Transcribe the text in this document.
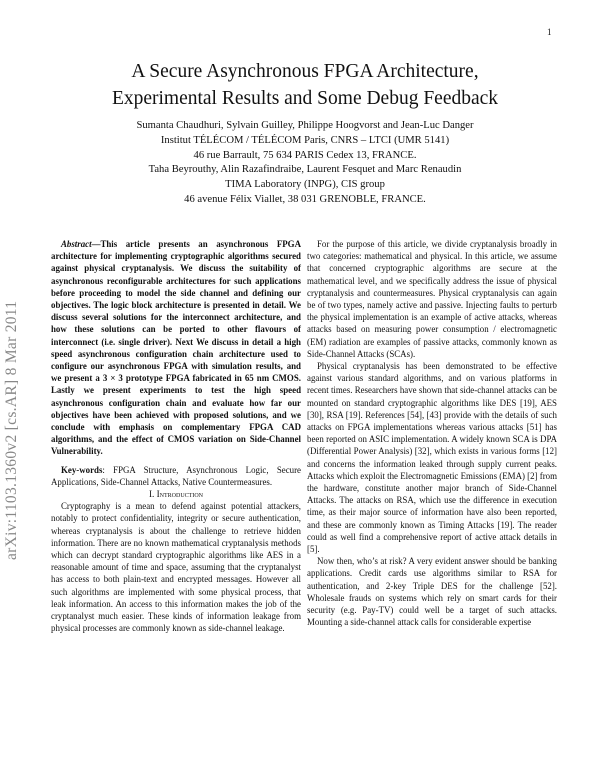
1
arXiv:1103.1360v2 [cs.AR] 8 Mar 2011
A Secure Asynchronous FPGA Architecture,
Experimental Results and Some Debug Feedback
Sumanta Chaudhuri, Sylvain Guilley, Philippe Hoogvorst and Jean-Luc Danger
Institut TÉLÉCOM / TÉLÉCOM Paris, CNRS – LTCI (UMR 5141)
46 rue Barrault, 75 634 PARIS Cedex 13, FRANCE.
Taha Beyrouthy, Alin Razafindraibe, Laurent Fesquet and Marc Renaudin
TIMA Laboratory (INPG), CIS group
46 avenue Félix Viallet, 38 031 GRENOBLE, FRANCE.

Abstract—This article presents an asynchronous FPGA architecture for implementing cryptographic algorithms secured against physical cryptanalysis. We discuss the suitability of asynchronous reconfigurable architectures for such applications before proceeding to model the side channel and defining our objectives. The logic block architecture is presented in detail. We discuss several solutions for the interconnect architecture, and how these solutions can be ported to other flavours of interconnect (i.e. single driver). Next We discuss in detail a high speed asynchronous configuration chain architecture used to configure our asynchronous FPGA with simulation results, and we present a 3 × 3 prototype FPGA fabricated in 65 nm CMOS. Lastly we present experiments to test the high speed asynchronous configuration chain and evaluate how far our objectives have been achieved with proposed solutions, and we conclude with emphasis on complementary FPGA CAD algorithms, and the effect of CMOS variation on Side-Channel Vulnerability.

Key-words: FPGA Structure, Asynchronous Logic, Secure Applications, Side-Channel Attacks, Native Countermeasures.

I. Introduction

Cryptography is a mean to defend against potential attackers, notably to protect confidentiality, integrity or secure authentication, whereas cryptanalysis is about the challenge to retrieve hidden information. There are no known mathematical cryptanalysis methods which can decrypt standard cryptographic algorithms like AES in a reasonable amount of time and space, assuming that the cryptanalyst has access to both plain-text and encrypted messages. However all such algorithms are implemented with some physical process, that leak information. An access to this information makes the job of the cryptanalyst much easier. These kinds of information leakage from physical processes are commonly known as side-channel leakage.

For the purpose of this article, we divide cryptanalysis broadly in two categories: mathematical and physical. In this article, we assume that concerned cryptographic algorithms are secure at the mathematical level, and we specifically address the issue of physical cryptanalysis and countermeasures. Physical cryptanalysis can again be of two types, namely active and passive. Injecting faults to perturb the physical implementation is an example of active attacks, whereas attacks based on measuring power consumption / electromagnetic (EM) radiation are examples of passive attacks, commonly known as Side-Channel Attacks (SCAs).

Physical cryptanalysis has been demonstrated to be effective against various standard algorithms, and on various platforms in recent times. Researchers have shown that side-channel attacks can be mounted on standard cryptographic algorithms like DES [19], AES [30], RSA [19]. References [54], [43] provide with the details of such attacks on FPGA implementations whereas various attacks [51] has been reported on ASIC implementation. A widely known SCA is DPA (Differential Power Analysis) [32], which exists in various forms [12] and concerns the information leaked through supply current peaks. Attacks which exploit the Electromagnetic Emissions (EMA) [2] from the hardware, constitute another major branch of Side-Channel Attacks. The attacks on RSA, which use the difference in execution time, as their major source of information have also been reported, and these are commonly known as Timing Attacks [19]. The reader could as well find a comprehensive report of active attack details in [5].

Now then, who’s at risk? A very evident answer should be banking applications. Credit cards use algorithms similar to RSA for authentication, and 2-key Triple DES for the challenge [52]. Wholesale frauds on systems which rely on smart cards for their security (e.g. Pay-TV) could well be a target of such attacks. Mounting a side-channel attack calls for considerable expertise
